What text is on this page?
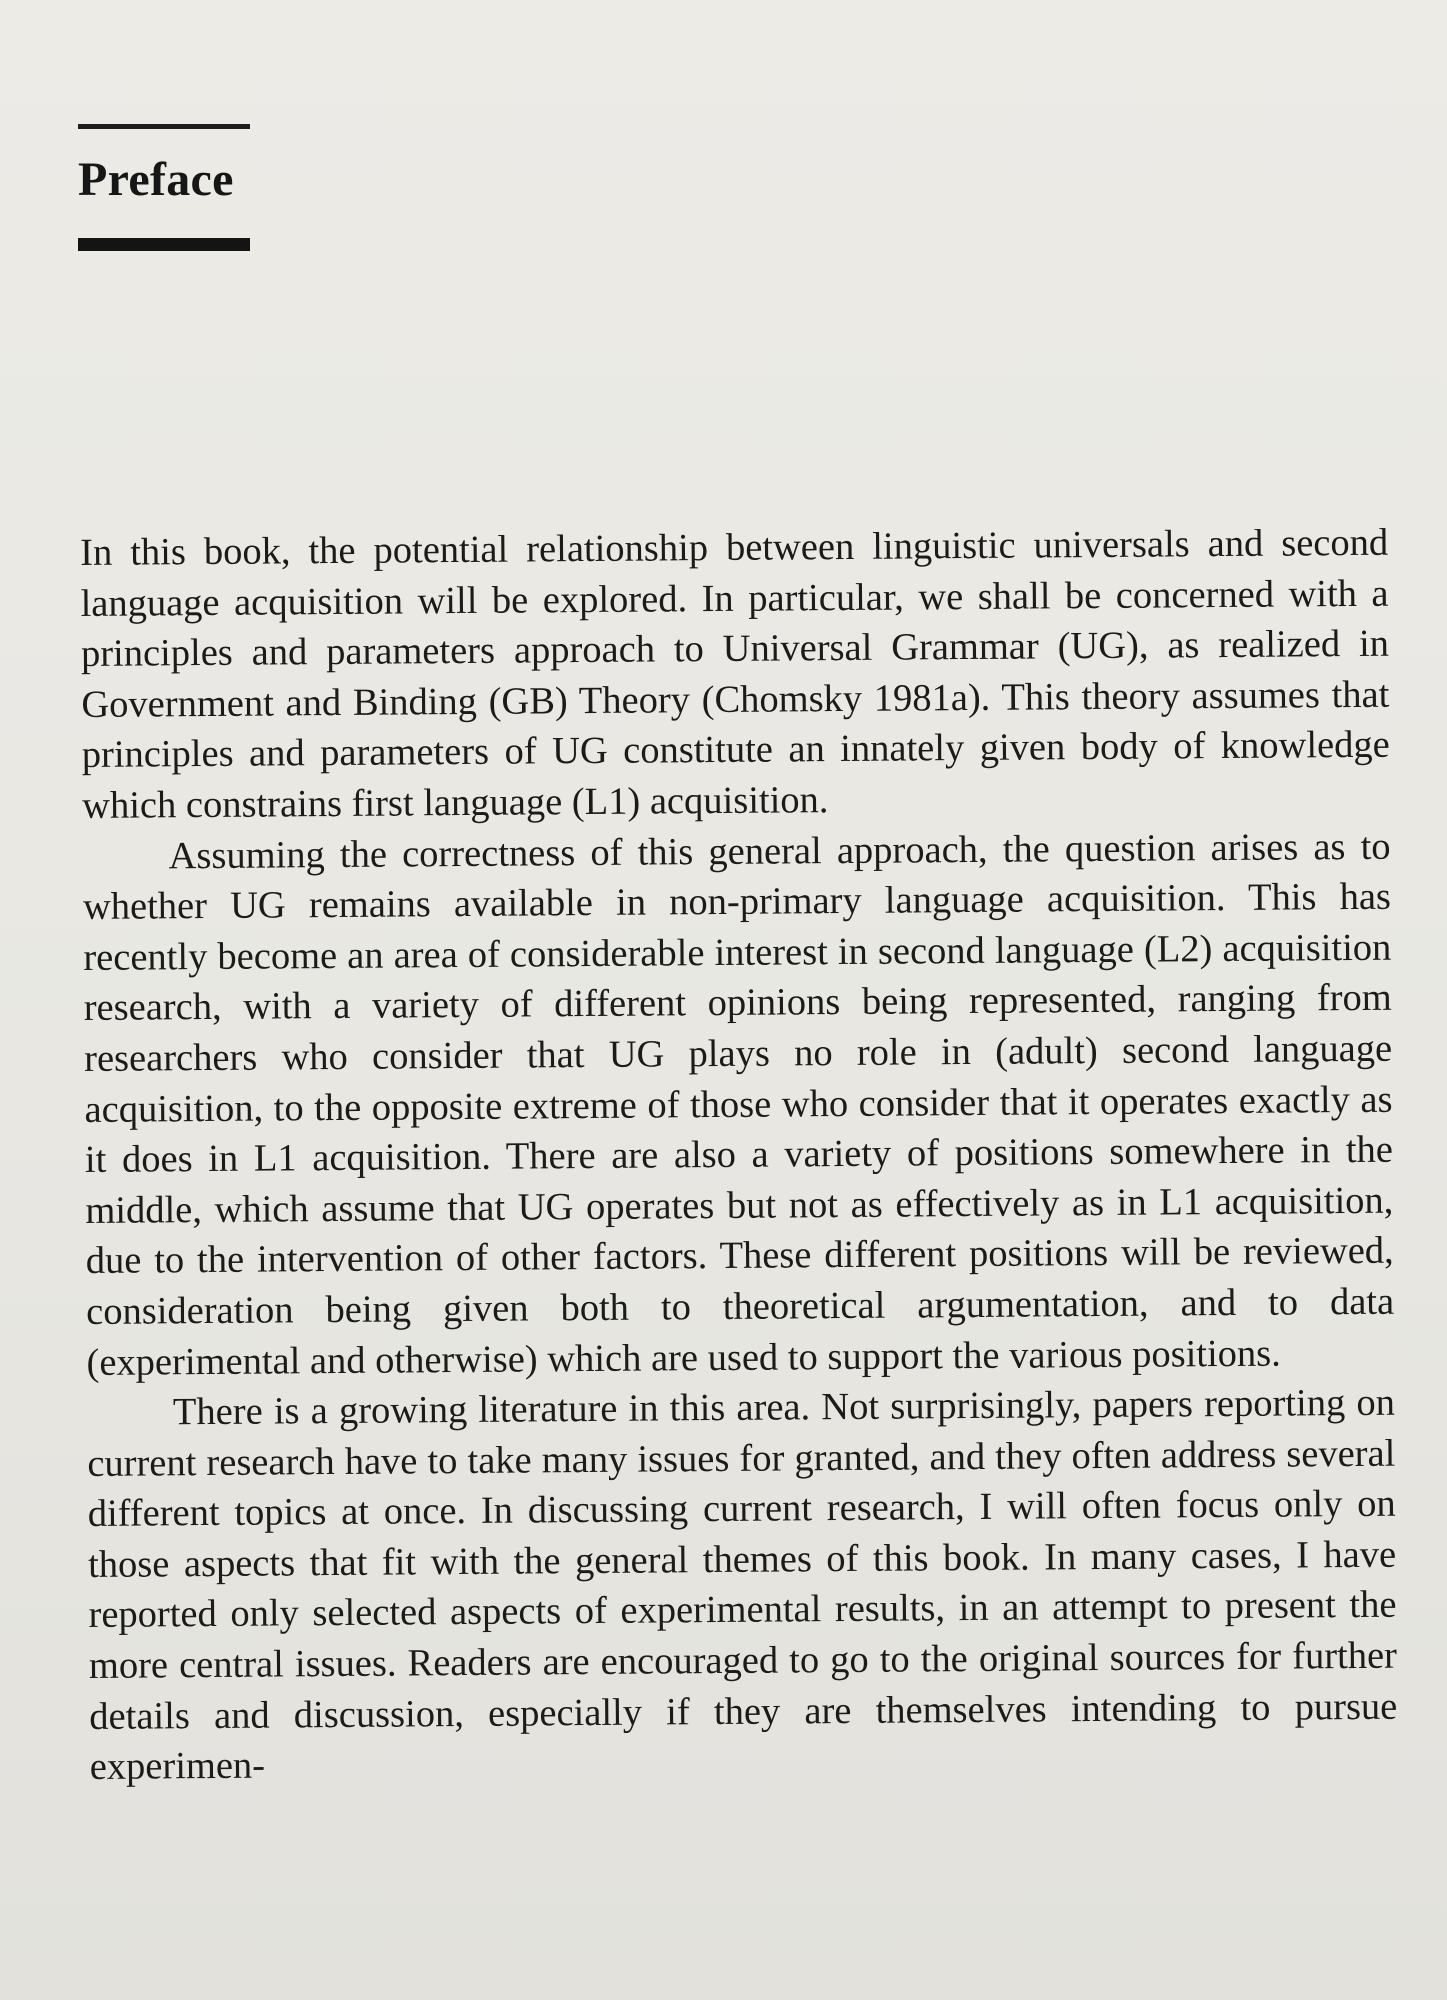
Preface

In this book, the potential relationship between linguistic universals and second language acquisition will be explored. In particular, we shall be concerned with a principles and parameters approach to Universal Grammar (UG), as realized in Government and Binding (GB) Theory (Chomsky 1981a). This theory assumes that principles and parameters of UG constitute an innately given body of knowledge which constrains first language (L1) acquisition.

Assuming the correctness of this general approach, the question arises as to whether UG remains available in non-primary language acquisition. This has recently become an area of considerable interest in second language (L2) acquisition research, with a variety of different opinions being represented, ranging from researchers who consider that UG plays no role in (adult) second language acquisition, to the opposite extreme of those who consider that it operates exactly as it does in L1 acquisition. There are also a variety of positions somewhere in the middle, which assume that UG operates but not as effectively as in L1 acquisition, due to the intervention of other factors. These different positions will be reviewed, consideration being given both to theoretical argumentation, and to data (experimental and otherwise) which are used to support the various positions.

There is a growing literature in this area. Not surprisingly, papers reporting on current research have to take many issues for granted, and they often address several different topics at once. In discussing current research, I will often focus only on those aspects that fit with the general themes of this book. In many cases, I have reported only selected aspects of experimental results, in an attempt to present the more central issues. Readers are encouraged to go to the original sources for further details and discussion, especially if they are themselves intending to pursue experimen-
